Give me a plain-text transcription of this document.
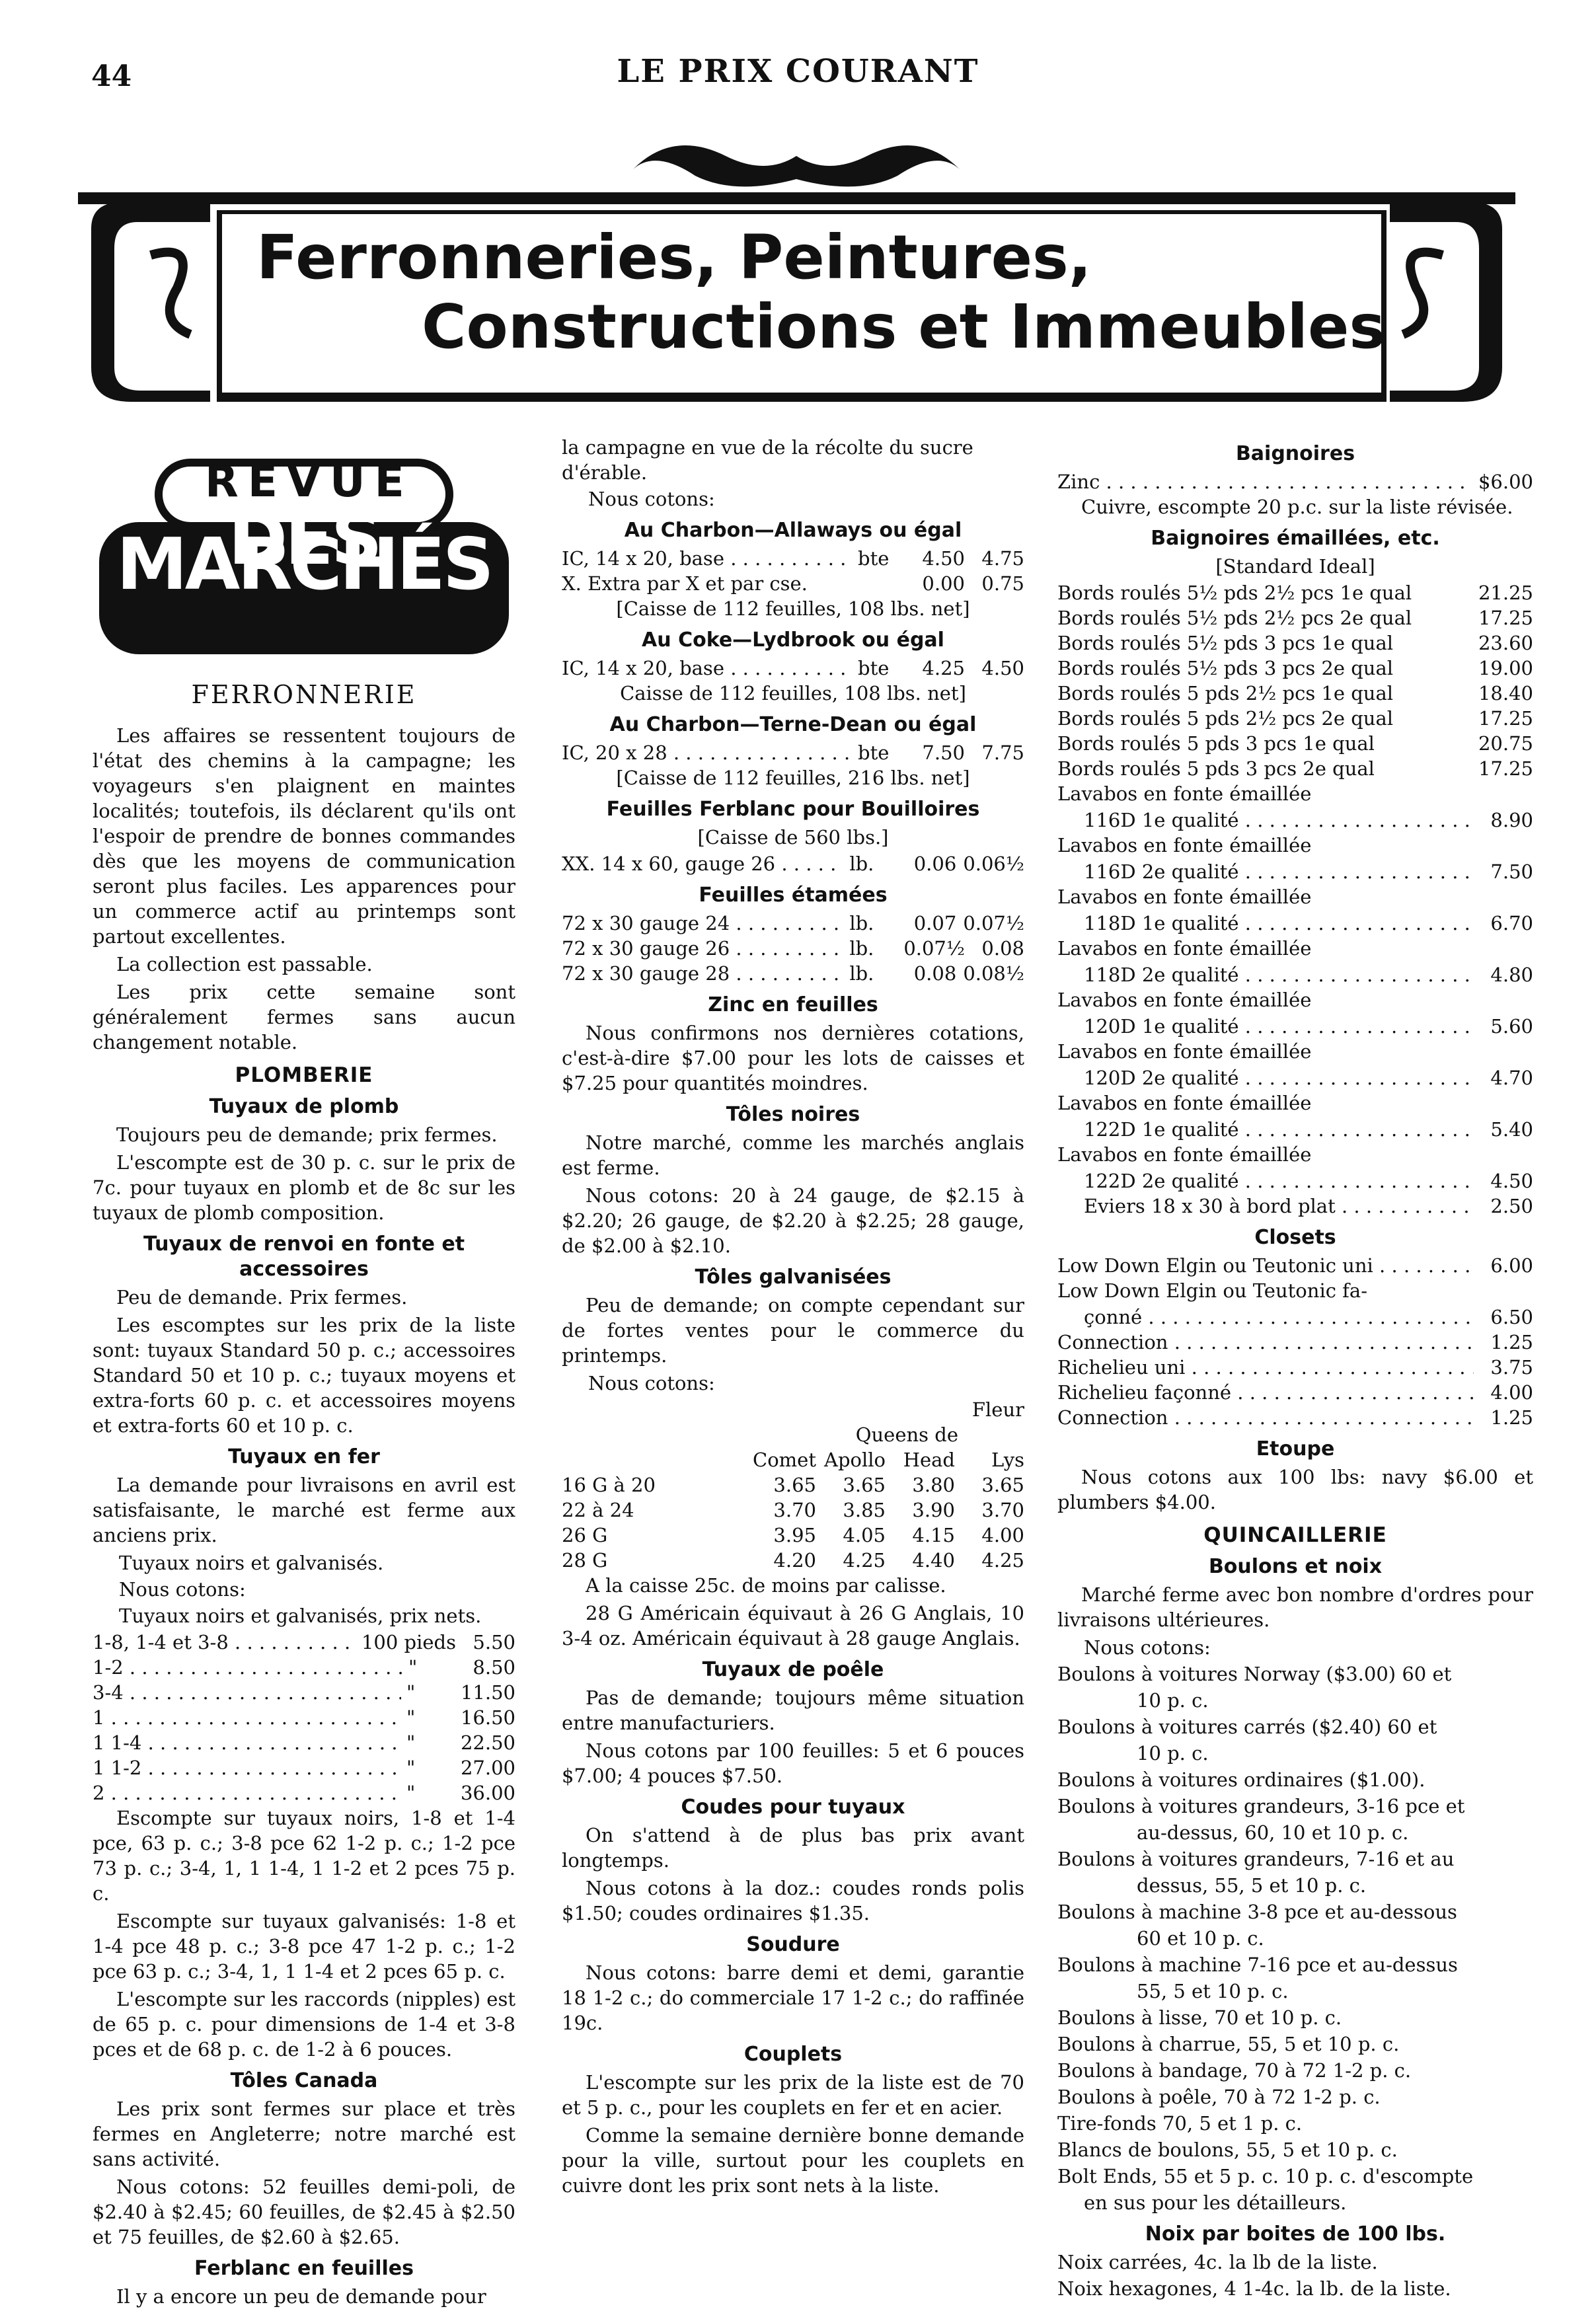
44	LE PRIX COURANT
Ferronneries, Peintures,
Constructions et Immeubles
REVUE
DES MARCHÉS
FERRONNERIE

Les affaires se ressentent toujours de l'état des chemins à la campagne; les voyageurs s'en plaignent en maintes localités; toutefois, ils déclarent qu'ils ont l'espoir de prendre de bonnes commandes dès que les moyens de communication seront plus faciles. Les apparences pour un commerce actif au printemps sont partout excellentes.

La collection est passable.

Les prix cette semaine sont généralement fermes sans aucun changement notable.

PLOMBERIE
Tuyaux de plomb

Toujours peu de demande; prix fermes.

L'escompte est de 30 p. c. sur le prix de 7c. pour tuyaux en plomb et de 8c sur les tuyaux de plomb composition.

Tuyaux de renvoi en fonte et accessoires

Peu de demande. Prix fermes.

Les escomptes sur les prix de la liste sont: tuyaux Standard 50 p. c.; accessoires Standard 50 et 10 p. c.; tuyaux moyens et extra-forts 60 p. c. et accessoires moyens et extra-forts 60 et 10 p. c.

Tuyaux en fer

La demande pour livraisons en avril est satisfaisante, le marché est ferme aux anciens prix.

Tuyaux noirs et galvanisés.

Nous cotons:

Tuyaux noirs et galvanisés, prix nets.

1-8, 1-4 et 3-8 . . .	100 pieds 5.50
1-2 . . .	"	8.50
3-4 . . .	"	11.50
1 . . .	"	16.50
1 1-4 . . .	"	22.50
1 1-2 . . .	"	27.00
2 . . .	"	36.00

Escompte sur tuyaux noirs, 1-8 et 1-4 pce, 63 p. c.; 3-8 pce 62 1-2 p. c.; 1-2 pce 73 p. c.; 3-4, 1, 1 1-4, 1 1-2 et 2 pces 75 p. c.

Escompte sur tuyaux galvanisés: 1-8 et 1-4 pce 48 p. c.; 3-8 pce 47 1-2 p. c.; 1-2 pce 63 p. c.; 3-4, 1, 1 1-4 et 2 pces 65 p. c.

L'escompte sur les raccords (nipples) est de 65 p. c. pour dimensions de 1-4 et 3-8 pces et de 68 p. c. de 1-2 à 6 pouces.

Tôles Canada

Les prix sont fermes sur place et très fermes en Angleterre; notre marché est sans activité.

Nous cotons: 52 feuilles demi-poli, de $2.40 à $2.45; 60 feuilles, de $2.45 à $2.50 et 75 feuilles, de $2.60 à $2.65.

Ferblanc en feuilles

Il y a encore un peu de demande pour

la campagne en vue de la récolte du sucre d'érable.

Nous cotons:

Au Charbon—Allaways ou égal
IC, 14 x 20, base . . .	bte	4.50 4.75
X. Extra par X et par cse.	0.00 0.75

[Caisse de 112 feuilles, 108 lbs. net]

Au Coke—Lydbrook ou égal
IC, 14 x 20, base . . .	bte	4.25 4.50

Caisse de 112 feuilles, 108 lbs. net]

Au Charbon—Terne-Dean ou égal
IC, 20 x 28 . . .	bte	7.50 7.75

[Caisse de 112 feuilles, 216 lbs. net]

Feuilles Ferblanc pour Bouilloires

[Caisse de 560 lbs.]

XX. 14 x 60, gauge 26 . . .	lb.	0.06 0.06½
Feuilles étamées
72 x 30 gauge 24 . . .	lb.	0.07 0.07½
72 x 30 gauge 26 . . .	lb.	0.07½ 0.08
72 x 30 gauge 28 . . .	lb.	0.08 0.08½
Zinc en feuilles

Nous confirmons nos dernières cotations, c'est-à-dire $7.00 pour les lots de caisses et $7.25 pour quantités moindres.

Tôles noires

Notre marché, comme les marchés anglais est ferme.

Nous cotons: 20 à 24 gauge, de $2.15 à $2.20; 26 gauge, de $2.20 à $2.25; 28 gauge, de $2.00 à $2.10.

Tôles galvanisées

Peu de demande; on compte cependant sur de fortes ventes pour le commerce du printemps.

Nous cotons:

Fleur
Queens de
Comet Apollo Head	Lys
16 G à 20	3.65	3.65	3.80	3.65
22 à 24	3.70	3.85	3.90	3.70
26 G	3.95	4.05	4.15	4.00
28 G	4.20	4.25	4.40	4.25

A la caisse 25c. de moins par calisse.

28 G Américain équivaut à 26 G Anglais, 10 3-4 oz. Américain équivaut à 28 gauge Anglais.

Tuyaux de poêle

Pas de demande; toujours même situation entre manufacturiers.

Nous cotons par 100 feuilles: 5 et 6 pouces $7.00; 4 pouces $7.50.

Coudes pour tuyaux

On s'attend à de plus bas prix avant longtemps.

Nous cotons à la doz.: coudes ronds polis $1.50; coudes ordinaires $1.35.

Soudure

Nous cotons: barre demi et demi, garantie 18 1-2 c.; do commerciale 17 1-2 c.; do raffinée 19c.

Couplets

L'escompte sur les prix de la liste est de 70 et 5 p. c., pour les couplets en fer et en acier.

Comme la semaine dernière bonne demande pour la ville, surtout pour les couplets en cuivre dont les prix sont nets à la liste.

Baignoires
Zinc . . .	$6.00

Cuivre, escompte 20 p.c. sur la liste révisée.

Baignoires émaillées, etc.

[Standard Ideal]

Bords roulés 5½ pds 2½ pcs 1e qual	21.25
Bords roulés 5½ pds 2½ pcs 2e qual	17.25
Bords roulés 5½ pds 3 pcs 1e qual	23.60
Bords roulés 5½ pds 3 pcs 2e qual	19.00
Bords roulés 5 pds 2½ pcs 1e qual	18.40
Bords roulés 5 pds 2½ pcs 2e qual	17.25
Bords roulés 5 pds 3 pcs 1e qual	20.75
Bords roulés 5 pds 3 pcs 2e qual	17.25

Lavabos en fonte émaillée

116D 1e qualité . . .	8.90

Lavabos en fonte émaillée

116D 2e qualité . . .	7.50

Lavabos en fonte émaillée

118D 1e qualité . . .	6.70

Lavabos en fonte émaillée

118D 2e qualité . . .	4.80

Lavabos en fonte émaillée

120D 1e qualité . . .	5.60

Lavabos en fonte émaillée

120D 2e qualité . . .	4.70

Lavabos en fonte émaillée

122D 1e qualité . . .	5.40

Lavabos en fonte émaillée

122D 2e qualité . . .	4.50
Eviers 18 x 30 à bord plat . . .	2.50
Closets
Low Down Elgin ou Teutonic uni . . .	6.00

Low Down Elgin ou Teutonic fa-

çonné . . .	6.50
Connection . . .	1.25
Richelieu uni . . .	3.75
Richelieu façonné . . .	4.00
Connection . . .	1.25
Etoupe

Nous cotons aux 100 lbs: navy $6.00 et plumbers $4.00.

QUINCAILLERIE
Boulons et noix

Marché ferme avec bon nombre d'ordres pour livraisons ultérieures.

Nous cotons:

Boulons à voitures Norway ($3.00) 60 et

10 p. c.

Boulons à voitures carrés ($2.40) 60 et

10 p. c.

Boulons à voitures ordinaires ($1.00).

Boulons à voitures grandeurs, 3-16 pce et

au-dessus, 60, 10 et 10 p. c.

Boulons à voitures grandeurs, 7-16 et au

dessus, 55, 5 et 10 p. c.

Boulons à machine 3-8 pce et au-dessous

60 et 10 p. c.

Boulons à machine 7-16 pce et au-dessus

55, 5 et 10 p. c.

Boulons à lisse, 70 et 10 p. c.

Boulons à charrue, 55, 5 et 10 p. c.

Boulons à bandage, 70 à 72 1-2 p. c.

Boulons à poêle, 70 à 72 1-2 p. c.

Tire-fonds 70, 5 et 1 p. c.

Blancs de boulons, 55, 5 et 10 p. c.

Bolt Ends, 55 et 5 p. c. 10 p. c. d'escompte

en sus pour les détailleurs.

Noix par boites de 100 lbs.

Noix carrées, 4c. la lb de la liste.

Noix hexagones, 4 1-4c. la lb. de la liste.
